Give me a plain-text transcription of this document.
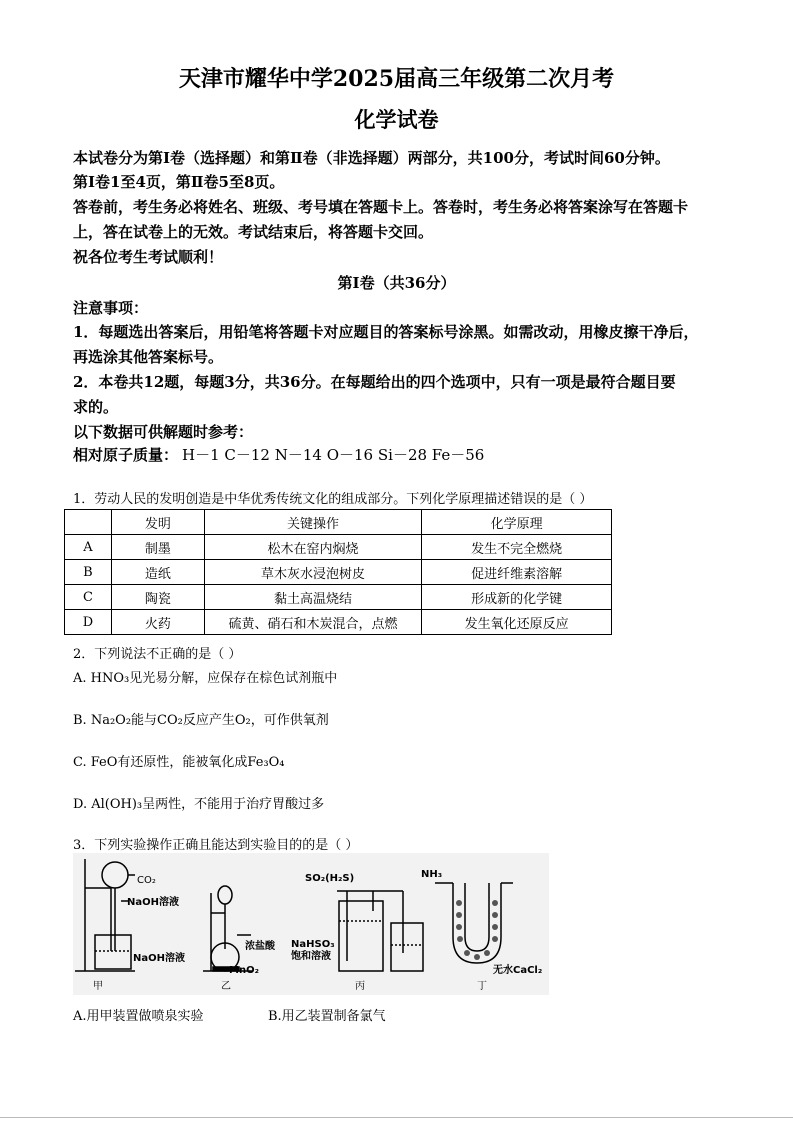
天津市耀华中学2025届高三年级第二次月考
化学试卷
本试卷分为第Ⅰ卷（选择题）和第Ⅱ卷（非选择题）两部分，共100分，考试时间60分钟。
第Ⅰ卷1至4页，第Ⅱ卷5至8页。
答卷前，考生务必将姓名、班级、考号填在答题卡上。答卷时，考生务必将答案涂写在答题卡
上，答在试卷上的无效。考试结束后，将答题卡交回。
祝各位考生考试顺利！
第Ⅰ卷（共36分）
注意事项：
1．每题选出答案后，用铅笔将答题卡对应题目的答案标号涂黑。如需改动，用橡皮擦干净后，
再选涂其他答案标号。
2．本卷共12题，每题3分，共36分。在每题给出的四个选项中，只有一项是最符合题目要
求的。
以下数据可供解题时参考：
相对原子质量： H－1 C－12 N－14 O－16 Si－28 Fe－56
1．劳动人民的发明创造是中华优秀传统文化的组成部分。下列化学原理描述错误的是（ ）
	发明	关键操作	化学原理
A	制墨	松木在窑内焖烧	发生不完全燃烧
B	造纸	草木灰水浸泡树皮	促进纤维素溶解
C	陶瓷	黏土高温烧结	形成新的化学键
D	火药	硫黄、硝石和木炭混合，点燃	发生氧化还原反应
2．下列说法不正确的是（ ）
A. HNO₃见光易分解，应保存在棕色试剂瓶中
B. Na₂O₂能与CO₂反应产生O₂，可作供氧剂
C. FeO有还原性，能被氧化成Fe₃O₄
D. Al(OH)₃呈两性，不能用于治疗胃酸过多
3．下列实验操作正确且能达到实验目的的是（ ）
CO₂
NaOH溶液
NaOH溶液
甲
浓盐酸
MnO₂
乙
SO₂(H₂S)
NaHSO₃
饱和溶液
丙
NH₃
无水CaCl₂
丁
A.用甲装置做喷泉实验	B.用乙装置制备氯气
